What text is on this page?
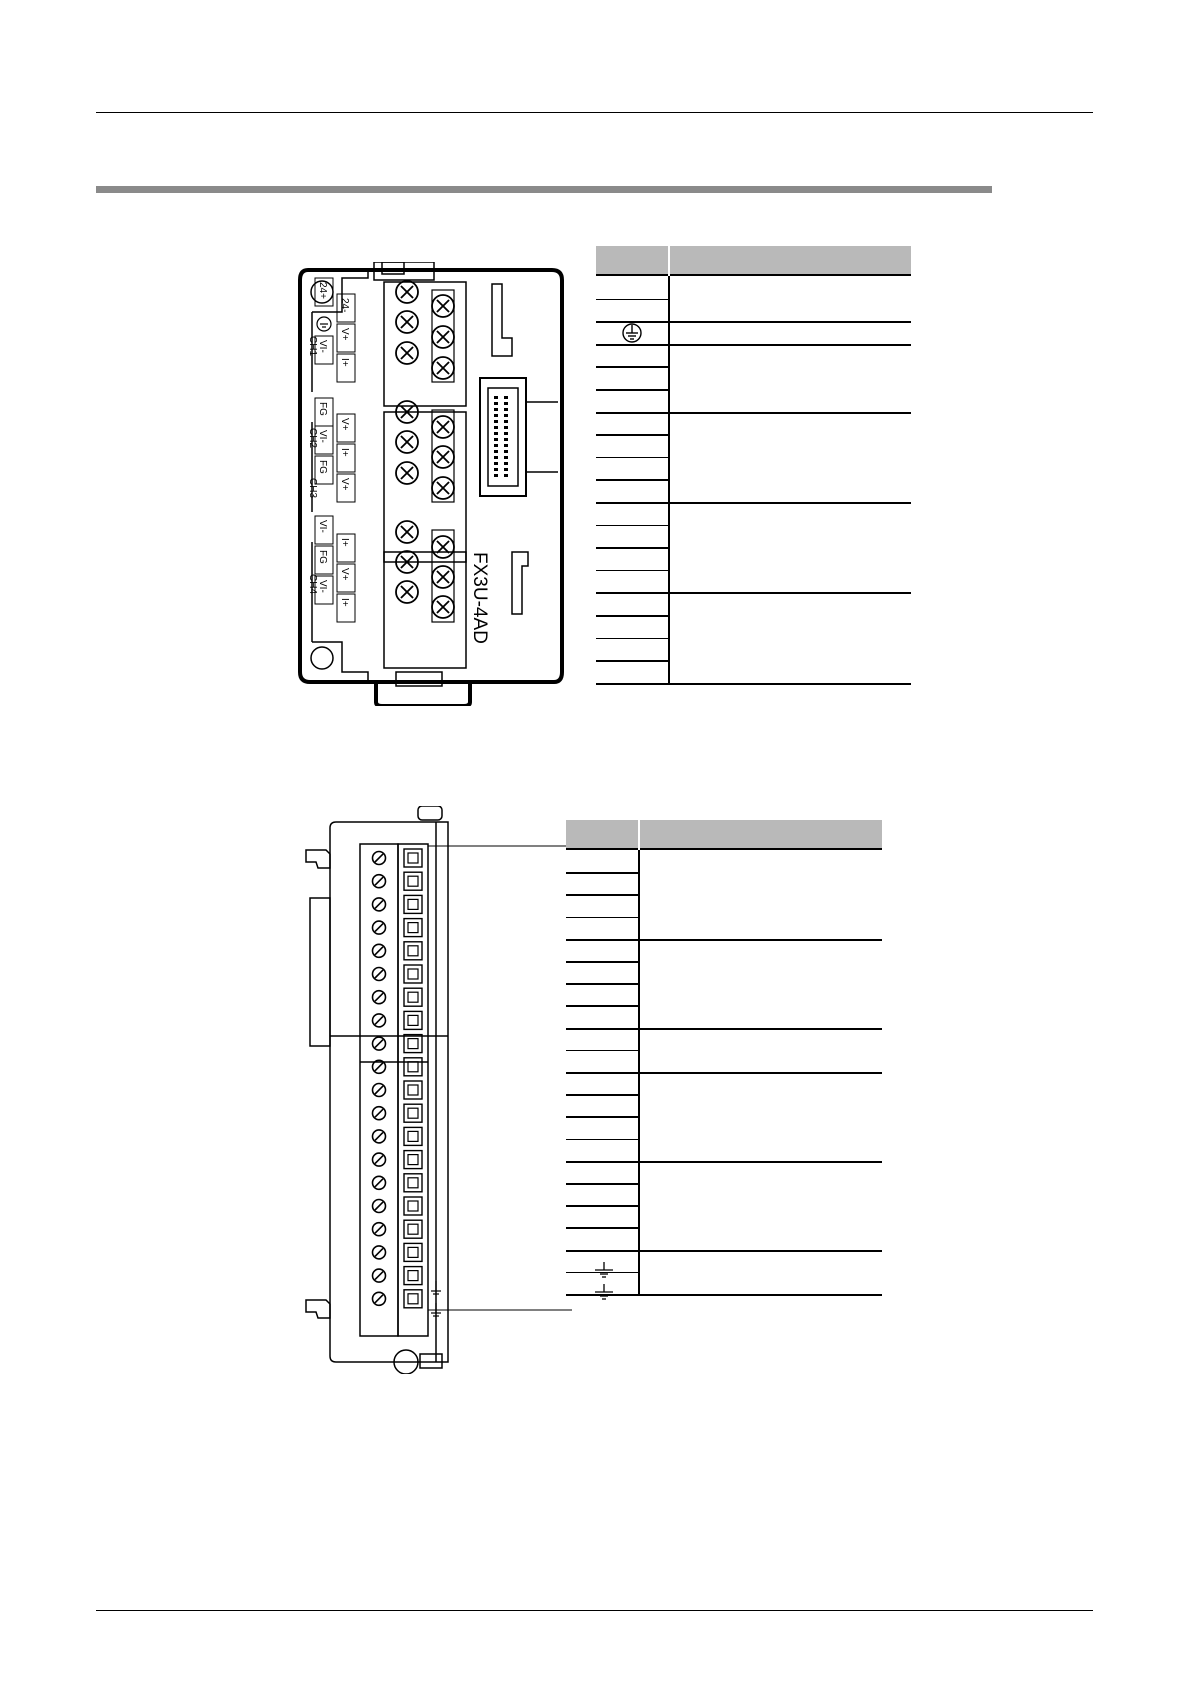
24+
24-
V+
VI-
I+
FG
V+
VI-
I+
FG
V+
VI-
I+
FG
V+
VI-
I+
CH1
CH2
CH3
CH4	FX3U-4AD
